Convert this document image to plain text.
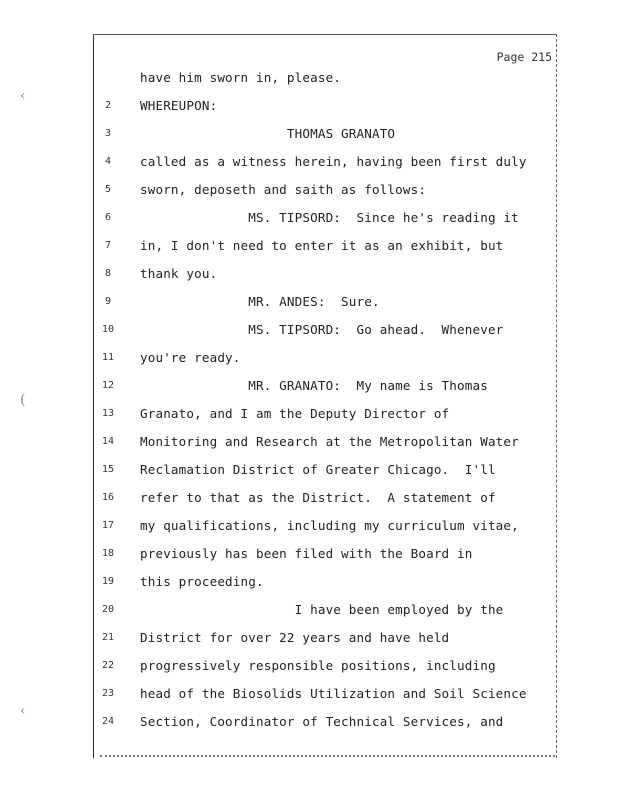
‹
(
‹
Page 215
have him sworn in, please.
2	WHEREUPON:
3	THOMAS GRANATO
4	called as a witness herein, having been first duly
5	sworn, deposeth and saith as follows:
6	MS. TIPSORD:  Since he's reading it
7	in, I don't need to enter it as an exhibit, but
8	thank you.
9	MR. ANDES:  Sure.
10	MS. TIPSORD:  Go ahead.  Whenever
11	you're ready.
12	MR. GRANATO:  My name is Thomas
13	Granato, and I am the Deputy Director of
14	Monitoring and Research at the Metropolitan Water
15	Reclamation District of Greater Chicago.  I'll
16	refer to that as the District.  A statement of
17	my qualifications, including my curriculum vitae,
18	previously has been filed with the Board in
19	this proceeding.
20	I have been employed by the
21	District for over 22 years and have held
22	progressively responsible positions, including
23	head of the Biosolids Utilization and Soil Science
24	Section, Coordinator of Technical Services, and
